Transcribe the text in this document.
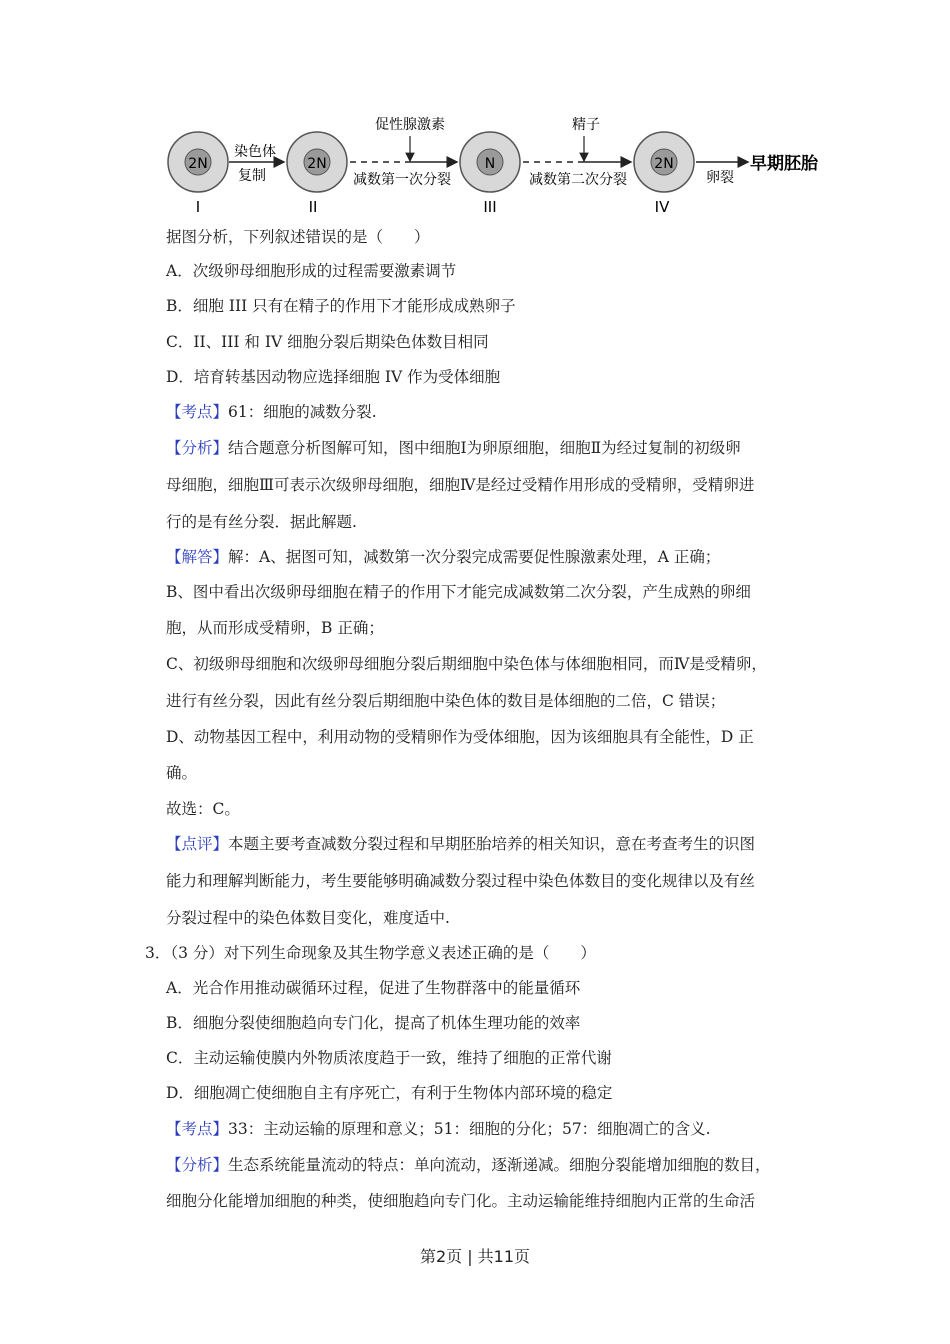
2N
I
2N
II
N
III
2N
IV
染色体
复制
促性腺激素
减数第一次分裂
精子
减数第二次分裂	卵裂
早期胚胎
据图分析，下列叙述错误的是（　　）
A．次级卵母细胞形成的过程需要激素调节
B．细胞 III 只有在精子的作用下才能形成成熟卵子
C．II、III 和 IV 细胞分裂后期染色体数目相同
D．培育转基因动物应选择细胞 IV 作为受体细胞
【考点】61：细胞的减数分裂.
【分析】结合题意分析图解可知，图中细胞Ⅰ为卵原细胞，细胞Ⅱ为经过复制的初级卵
母细胞，细胞Ⅲ可表示次级卵母细胞，细胞Ⅳ是经过受精作用形成的受精卵，受精卵进
行的是有丝分裂．据此解题.
【解答】解：A、据图可知，减数第一次分裂完成需要促性腺激素处理，A 正确；
B、图中看出次级卵母细胞在精子的作用下才能完成减数第二次分裂，产生成熟的卵细
胞，从而形成受精卵，B 正确；
C、初级卵母细胞和次级卵母细胞分裂后期细胞中染色体与体细胞相同，而Ⅳ是受精卵，
进行有丝分裂，因此有丝分裂后期细胞中染色体的数目是体细胞的二倍，C 错误；
D、动物基因工程中，利用动物的受精卵作为受体细胞，因为该细胞具有全能性，D 正
确。
故选：C。
【点评】本题主要考查减数分裂过程和早期胚胎培养的相关知识，意在考查考生的识图
能力和理解判断能力，考生要能够明确减数分裂过程中染色体数目的变化规律以及有丝
分裂过程中的染色体数目变化，难度适中.
3．（3 分）对下列生命现象及其生物学意义表述正确的是（　　）
A．光合作用推动碳循环过程，促进了生物群落中的能量循环
B．细胞分裂使细胞趋向专门化，提高了机体生理功能的效率
C．主动运输使膜内外物质浓度趋于一致，维持了细胞的正常代谢
D．细胞凋亡使细胞自主有序死亡，有利于生物体内部环境的稳定
【考点】33：主动运输的原理和意义；51：细胞的分化；57：细胞凋亡的含义.
【分析】生态系统能量流动的特点：单向流动，逐渐递减。细胞分裂能增加细胞的数目，
细胞分化能增加细胞的种类，使细胞趋向专门化。主动运输能维持细胞内正常的生命活
第2页 | 共11页
